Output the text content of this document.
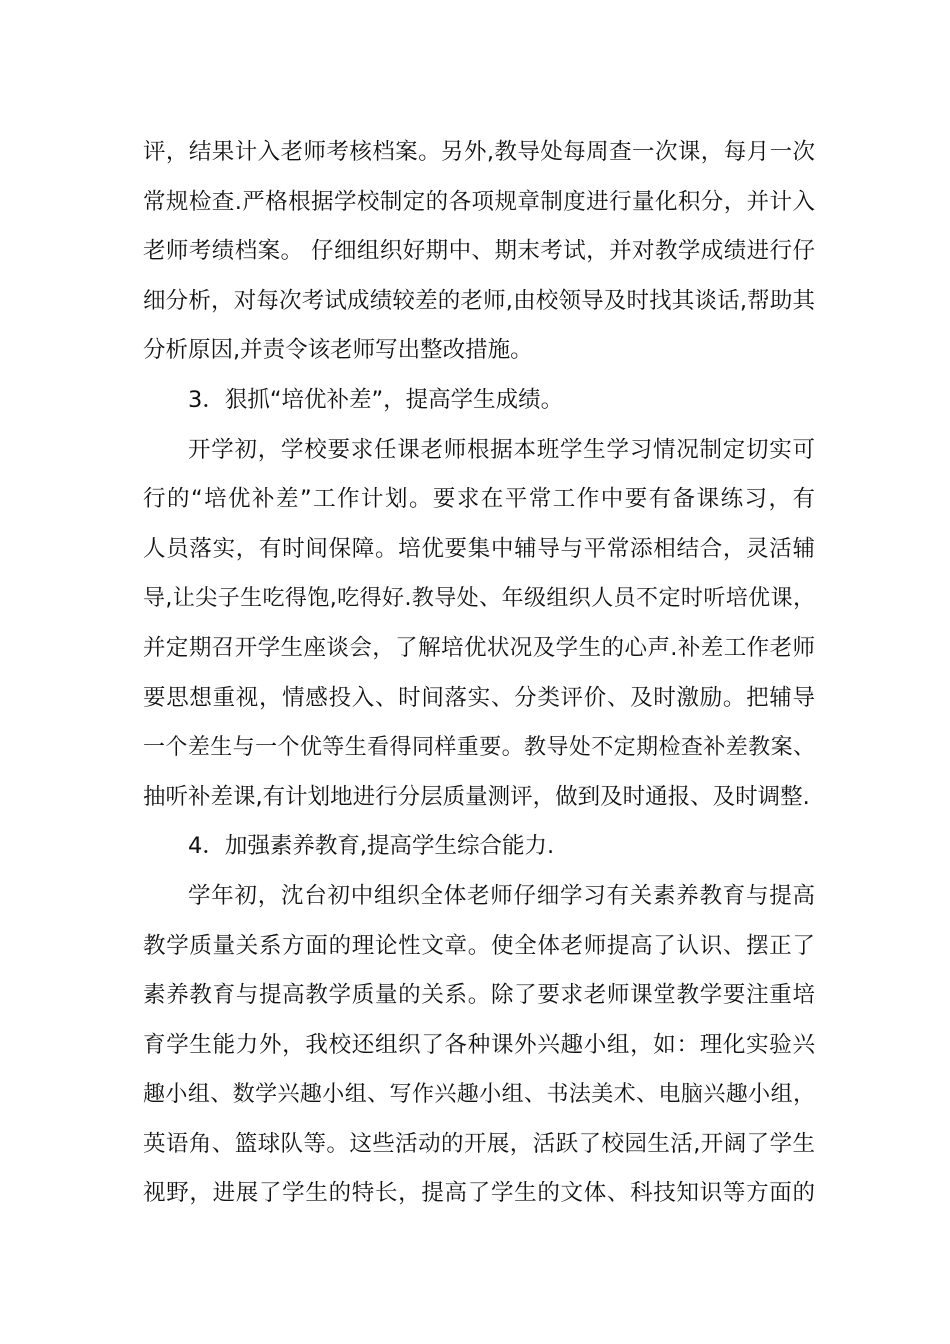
评，结果计入老师考核档案。另外,教导处每周查一次课，每月一次
常规检查.严格根据学校制定的各项规章制度进行量化积分，并计入
老师考绩档案。 仔细组织好期中、期末考试，并对教学成绩进行仔
细分析，对每次考试成绩较差的老师,由校领导及时找其谈话,帮助其
分析原因,并责令该老师写出整改措施。
3．狠抓“培优补差”，提高学生成绩。
开学初，学校要求任课老师根据本班学生学习情况制定切实可
行的“培优补差”工作计划。要求在平常工作中要有备课练习，有
人员落实，有时间保障。培优要集中辅导与平常添相结合，灵活辅
导,让尖子生吃得饱,吃得好.教导处、年级组织人员不定时听培优课，
并定期召开学生座谈会，了解培优状况及学生的心声.补差工作老师
要思想重视，情感投入、时间落实、分类评价、及时激励。把辅导
一个差生与一个优等生看得同样重要。教导处不定期检查补差教案、
抽听补差课,有计划地进行分层质量测评，做到及时通报、及时调整.
4．加强素养教育,提高学生综合能力.
学年初，沈台初中组织全体老师仔细学习有关素养教育与提高
教学质量关系方面的理论性文章。使全体老师提高了认识、摆正了
素养教育与提高教学质量的关系。除了要求老师课堂教学要注重培
育学生能力外，我校还组织了各种课外兴趣小组，如：理化实验兴
趣小组、数学兴趣小组、写作兴趣小组、书法美术、电脑兴趣小组，
英语角、篮球队等。这些活动的开展，活跃了校园生活,开阔了学生
视野，进展了学生的特长，提高了学生的文体、科技知识等方面的
